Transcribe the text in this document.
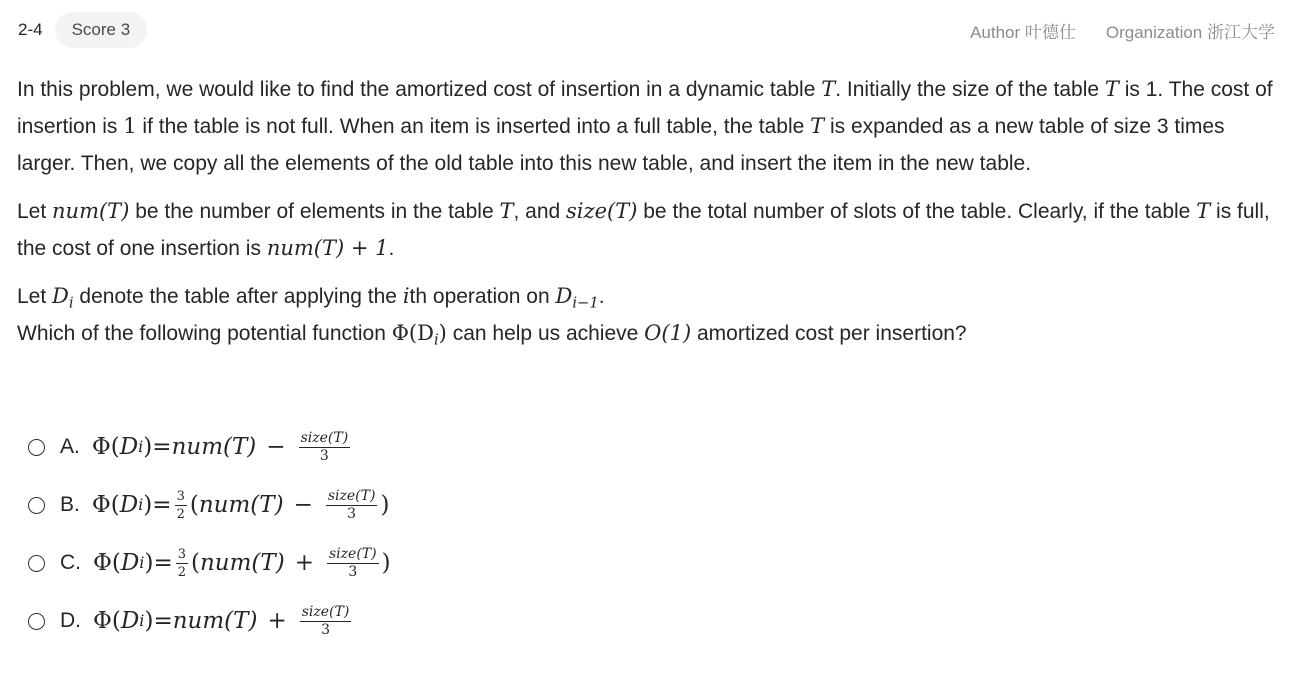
2-4	Score 3	Author 叶德仕 Organization 浙江大学

In this problem, we would like to find the amortized cost of insertion in a dynamic table T. Initially the size of the table T is 1. The cost of insertion is 1 if the table is not full. When an item is inserted into a full table, the table T is expanded as a new table of size 3 times larger. Then, we copy all the elements of the old table into this new table, and insert the item in the new table.

Let num(T) be the number of elements in the table T, and size(T) be the total number of slots of the table. Clearly, if the table T is full, the cost of one insertion is num(T) + 1.

Let $D_i$ denote the table after applying the ith operation on $D_{i-1}$.
Which of the following potential function $\Phi(D_i)$ can help us achieve O(1) amortized cost per insertion?

A. Φ( D i ) = $num(T) - \frac{\text{size(T)}}{3}$
B. Φ( D i ) = $\frac{3}{2}$ ( $num(T) - \frac{\text{size(T)}}{3}$ )
C. Φ( D i ) = $\frac{3}{2}$ ( $num(T) + \frac{\text{size(T)}}{3}$ )
D. Φ( D i ) = $num(T) + \frac{\text{size(T)}}{3}$
